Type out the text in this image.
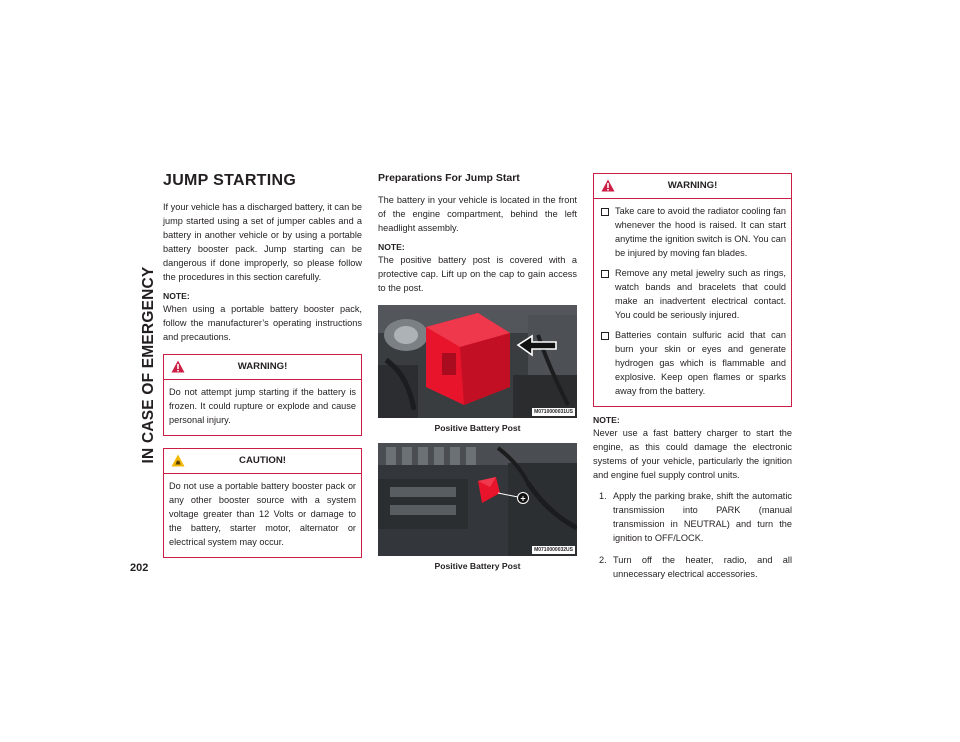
IN CASE OF EMERGENCY
202
JUMP STARTING

If your vehicle has a discharged battery, it can be jump started using a set of jumper cables and a battery in another vehicle or by using a portable battery booster pack. Jump starting can be dangerous if done improperly, so please follow the procedures in this section carefully.

NOTE:

When using a portable battery booster pack, follow the manufacturer’s operating instructions and precautions.

WARNING!

Do not attempt jump starting if the battery is frozen. It could rupture or explode and cause personal injury.

CAUTION!

Do not use a portable battery booster pack or any other booster source with a system voltage greater than 12 Volts or damage to the battery, starter motor, alternator or electrical system may occur.

Preparations For Jump Start

The battery in your vehicle is located in the front of the engine compartment, behind the left headlight assembly.

NOTE:

The positive battery post is covered with a protective cap. Lift up on the cap to gain access to the post.

M0710000031US
Positive Battery Post
+
M0710000032US
Positive Battery Post
WARNING!
Take care to avoid the radiator cooling fan whenever the hood is raised. It can start anytime the ignition switch is ON. You can be injured by moving fan blades.
Remove any metal jewelry such as rings, watch bands and bracelets that could make an inadvertent electrical contact. You could be seriously injured.
Batteries contain sulfuric acid that can burn your skin or eyes and generate hydrogen gas which is flammable and explosive. Keep open flames or sparks away from the battery.
NOTE:

Never use a fast battery charger to start the engine, as this could damage the electronic systems of your vehicle, particularly the ignition and engine fuel supply control units.

1. Apply the parking brake, shift the automatic transmission into PARK (manual transmission in NEUTRAL) and turn the ignition to OFF/LOCK.
2. Turn off the heater, radio, and all unnecessary electrical accessories.
